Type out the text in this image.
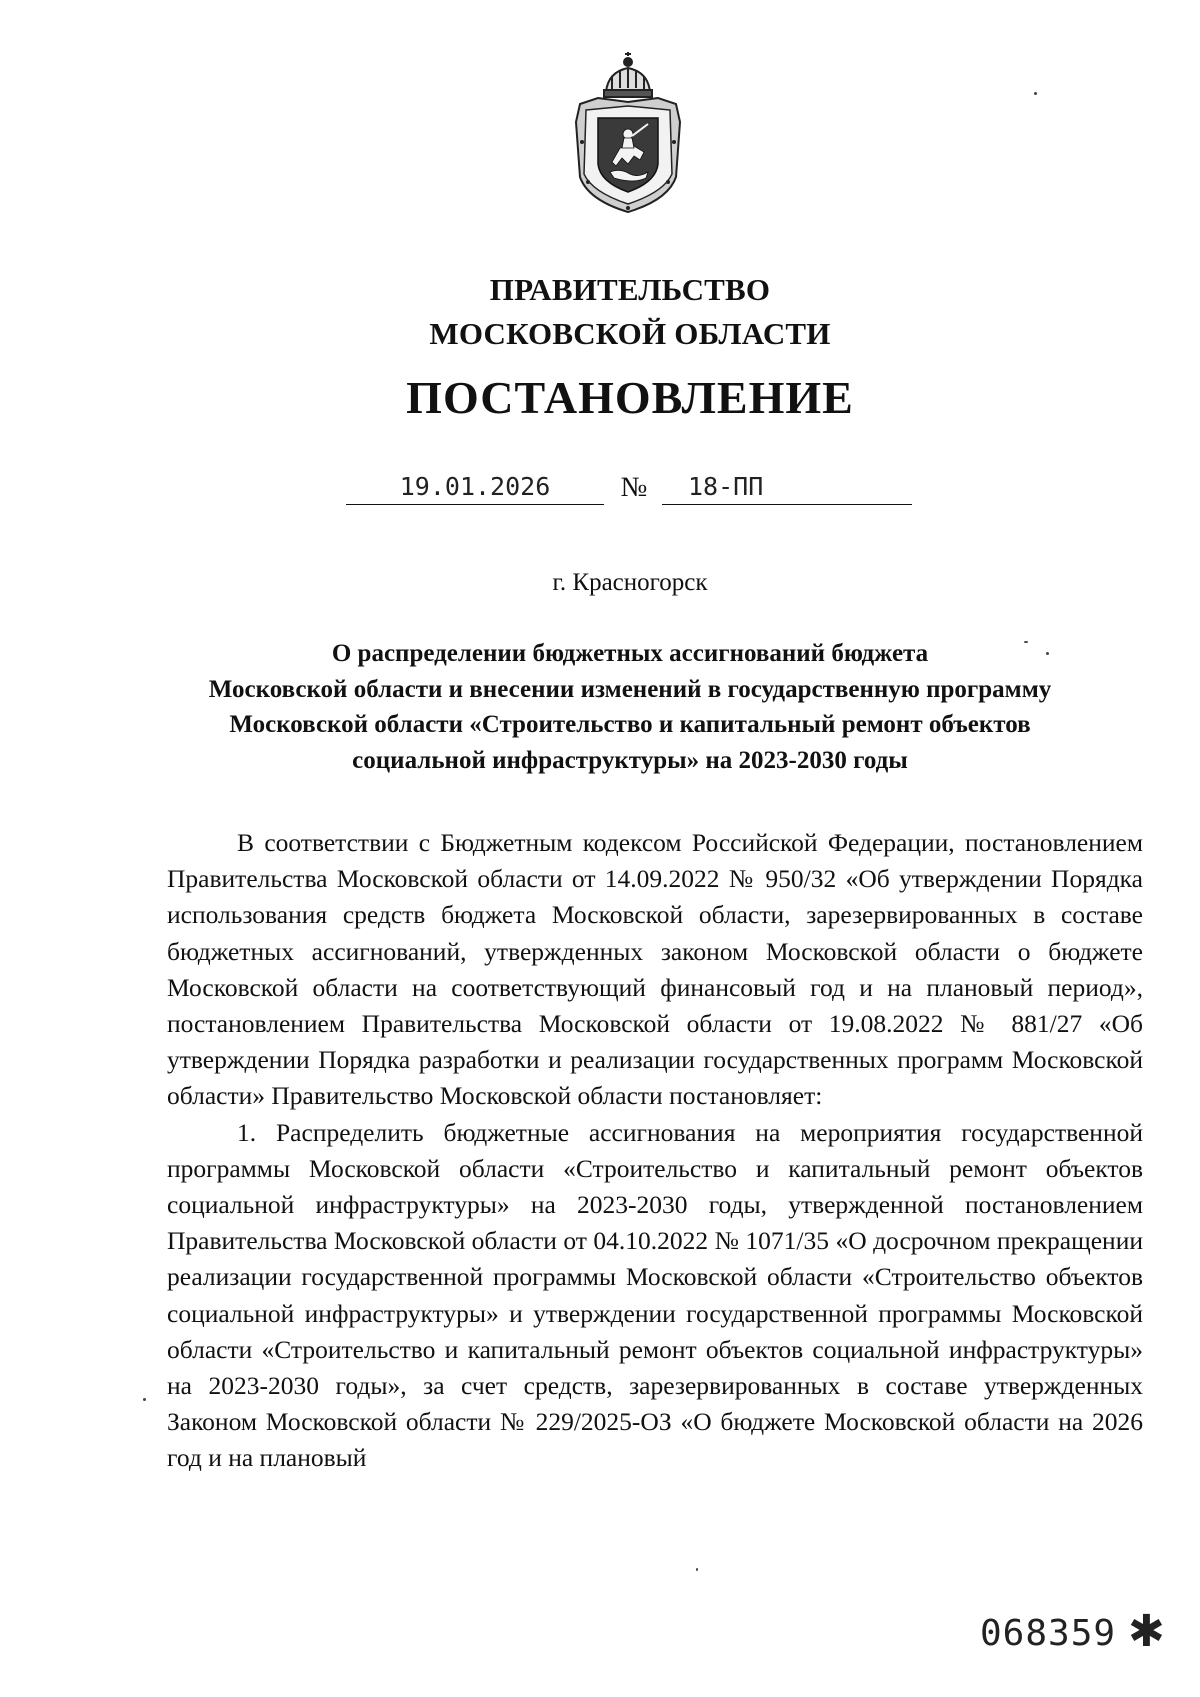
ПРАВИТЕЛЬСТВО
МОСКОВСКОЙ ОБЛАСТИ
ПОСТАНОВЛЕНИЕ
19.01.2026	№	18-ПП
г. Красногорск
О распределении бюджетных ассигнований бюджета
Московской области и внесении изменений в государственную программу
Московской области «Строительство и капитальный ремонт объектов
социальной инфраструктуры» на 2023-2030 годы

В соответствии с Бюджетным кодексом Российской Федерации, постановлением Правительства Московской области от 14.09.2022 № 950/32 «Об утверждении Порядка использования средств бюджета Московской области, зарезервированных в составе бюджетных ассигнований, утвержденных законом Московской области о бюджете Московской области на соответствующий финансовый год и на плановый период», постановлением Правительства Московской области от 19.08.2022 № 881/27 «Об утверждении Порядка разработки и реализации государственных программ Московской области» Правительство Московской области постановляет:

1. Распределить бюджетные ассигнования на мероприятия государственной программы Московской области «Строительство и капитальный ремонт объектов социальной инфраструктуры» на 2023-2030 годы, утвержденной постановлением Правительства Московской области от 04.10.2022 № 1071/35 «О досрочном прекращении реализации государственной программы Московской области «Строительство объектов социальной инфраструктуры» и утверждении государственной программы Московской области «Строительство и капитальный ремонт объектов социальной инфраструктуры» на 2023-2030 годы», за счет средств, зарезервированных в составе утвержденных Законом Московской области № 229/2025-ОЗ «О бюджете Московской области на 2026 год и на плановый

068359 ✱
